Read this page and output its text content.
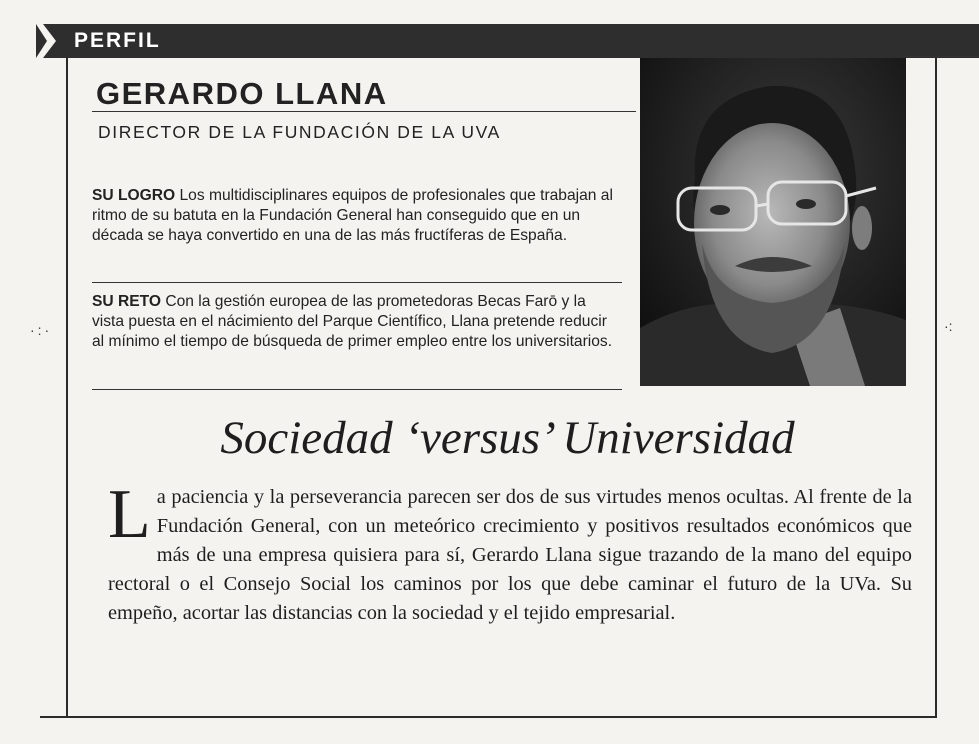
PERFIL
GERARDO LLANA
DIRECTOR DE LA FUNDACIÓN DE LA UVA
SU LOGRO Los multidisciplinares equipos de profesionales que trabajan al ritmo de su batuta en la Fundación General han conseguido que en un década se haya convertido en una de las más fructíferas de España.
SU RETO Con la gestión europea de las prometedoras Becas Farō y la vista puesta en el nácimiento del Parque Científico, Llana pretende reducir al mínimo el tiempo de búsqueda de primer empleo entre los universitarios.
Sociedad ‘versus’ Universidad
La paciencia y la perseverancia parecen ser dos de sus virtudes menos ocultas. Al frente de la Fundación General, con un meteórico crecimiento y positivos resultados económicos que más de una empresa quisiera para sí, Gerardo Llana sigue trazando de la mano del equipo rectoral o el Consejo Social los caminos por los que debe caminar el futuro de la UVa. Su empeño, acortar las distancias con la sociedad y el tejido empresarial.
·:·	·:
